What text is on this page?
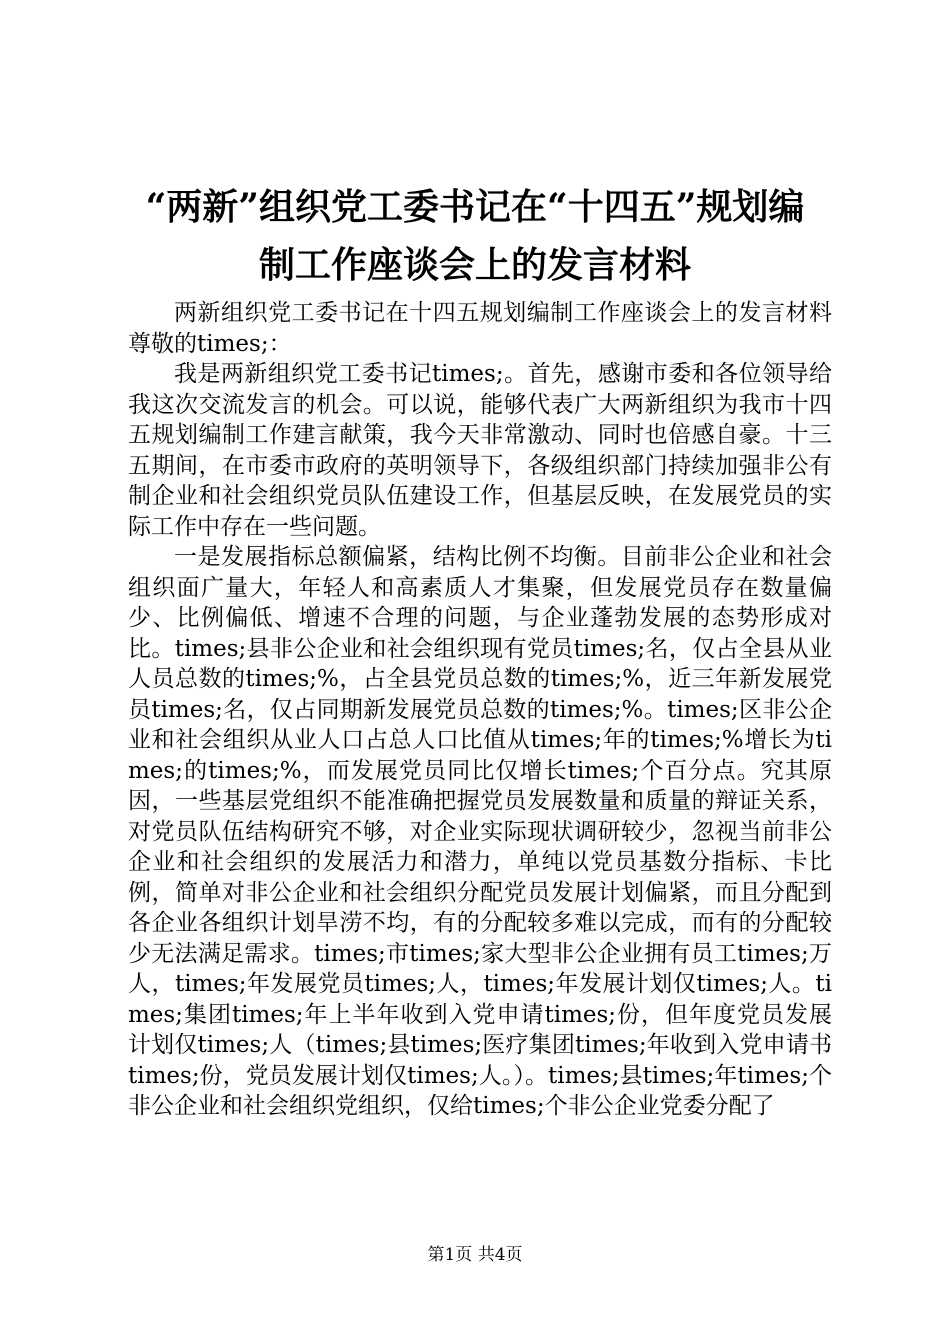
“两新”组织党工委书记在“十四五”规划编
制工作座谈会上的发言材料

两新组织党工委书记在十四五规划编制工作座谈会上的发言材料尊敬的times;：

我是两新组织党工委书记times;。首先，感谢市委和各位领导给我这次交流发言的机会。可以说，能够代表广大两新组织为我市十四五规划编制工作建言献策，我今天非常激动、同时也倍感自豪。十三五期间，在市委市政府的英明领导下，各级组织部门持续加强非公有制企业和社会组织党员队伍建设工作，但基层反映，在发展党员的实际工作中存在一些问题。

一是发展指标总额偏紧，结构比例不均衡。目前非公企业和社会组织面广量大，年轻人和高素质人才集聚，但发展党员存在数量偏少、比例偏低、增速不合理的问题，与企业蓬勃发展的态势形成对比。times;县非公企业和社会组织现有党员times;名，仅占全县从业人员总数的times;%，占全县党员总数的times;%，近三年新发展党员times;名，仅占同期新发展党员总数的times;%。times;区非公企业和社会组织从业人口占总人口比值从times;年的times;%增长为times;的times;%，而发展党员同比仅增长times;个百分点。究其原因，一些基层党组织不能准确把握党员发展数量和质量的辩证关系，对党员队伍结构研究不够，对企业实际现状调研较少，忽视当前非公企业和社会组织的发展活力和潜力，单纯以党员基数分指标、卡比例，简单对非公企业和社会组织分配党员发展计划偏紧，而且分配到各企业各组织计划旱涝不均，有的分配较多难以完成，而有的分配较少无法满足需求。times;市times;家大型非公企业拥有员工times;万人，times;年发展党员times;人，times;年发展计划仅times;人。times;集团times;年上半年收到入党申请times;份，但年度党员发展计划仅times;人（times;县times;医疗集团times;年收到入党申请书times;份，党员发展计划仅times;人。）。times;县times;年times;个非公企业和社会组织党组织，仅给times;个非公企业党委分配了

第1页 共4页
